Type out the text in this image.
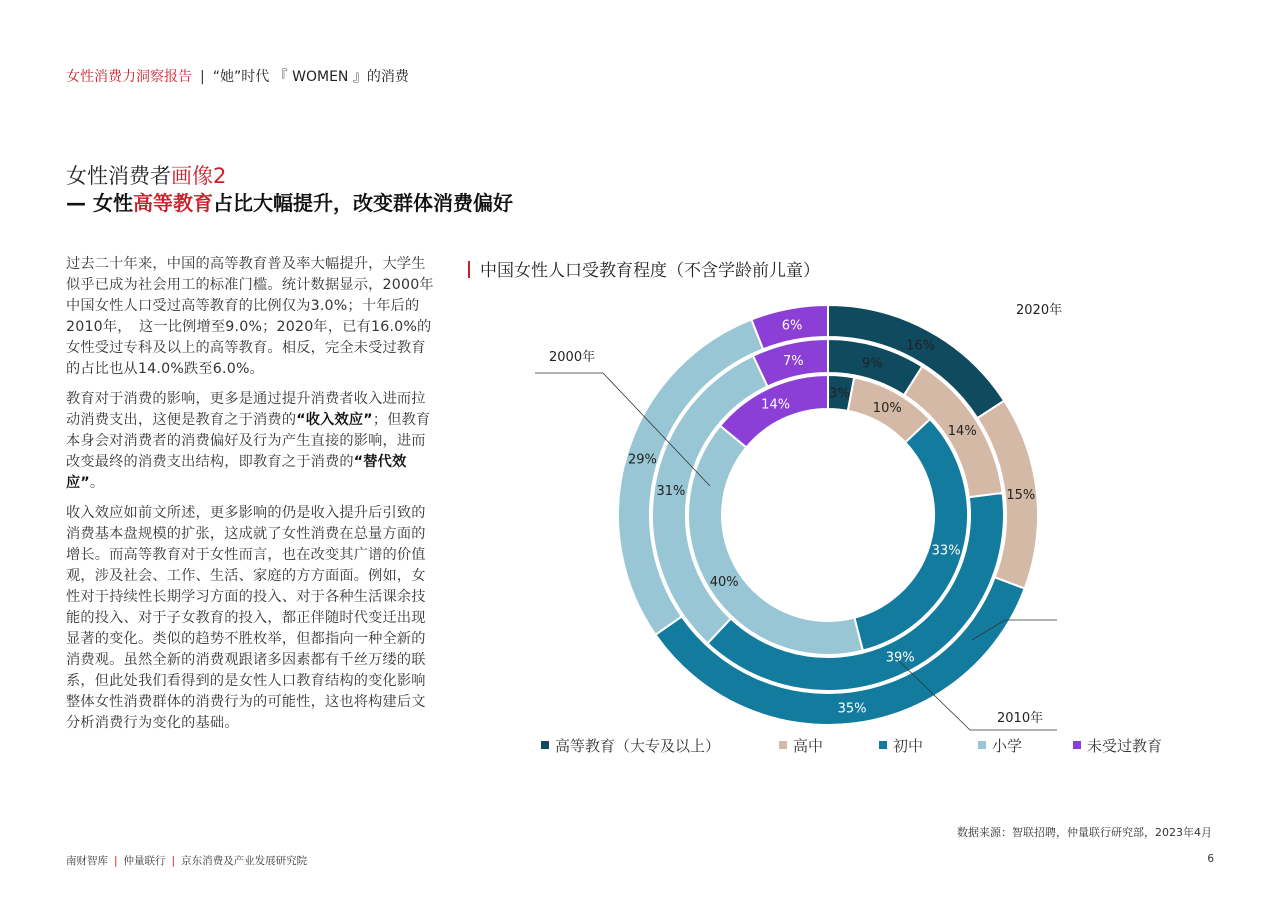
女性消费力洞察报告 | “她”时代 『 WOMEN 』的消费
女性消费者画像2
— 女性高等教育占比大幅提升，改变群体消费偏好

过去二十年来，中国的高等教育普及率大幅提升，大学生似乎已成为社会用工的标准门槛。统计数据显示，2000年中国女性人口受过高等教育的比例仅为3.0%；十年后的2010年，　这一比例增至9.0%；2020年，已有16.0%的女性受过专科及以上的高等教育。相反，完全未受过教育的占比也从14.0%跌至6.0%。

教育对于消费的影响，更多是通过提升消费者收入进而拉动消费支出，这便是教育之于消费的“收入效应”；但教育本身会对消费者的消费偏好及行为产生直接的影响，进而改变最终的消费支出结构，即教育之于消费的“替代效应”。

收入效应如前文所述，更多影响的仍是收入提升后引致的消费基本盘规模的扩张，这成就了女性消费在总量方面的增长。而高等教育对于女性而言，也在改变其广谱的价值观，涉及社会、工作、生活、家庭的方方面面。例如，女性对于持续性长期学习方面的投入、对于各种生活课余技能的投入、对于子女教育的投入，都正伴随时代变迁出现显著的变化。类似的趋势不胜枚举，但都指向一种全新的消费观。虽然全新的消费观跟诸多因素都有千丝万缕的联系，但此处我们看得到的是女性人口教育结构的变化影响整体女性消费群体的消费行为的可能性，这也将构建后文分析消费行为变化的基础。

中国女性人口受教育程度（不含学龄前儿童）
3%
10%
33%
40%
14%
9%
14%
39%
31%
7%
16%
15%
35%
29%
6%
2020年
2000年
2010年
高等教育（大专及以上）	高中	初中	小学	未受过教育
数据来源：智联招聘，仲量联行研究部，2023年4月
南财智库 | 仲量联行 | 京东消费及产业发展研究院	6
